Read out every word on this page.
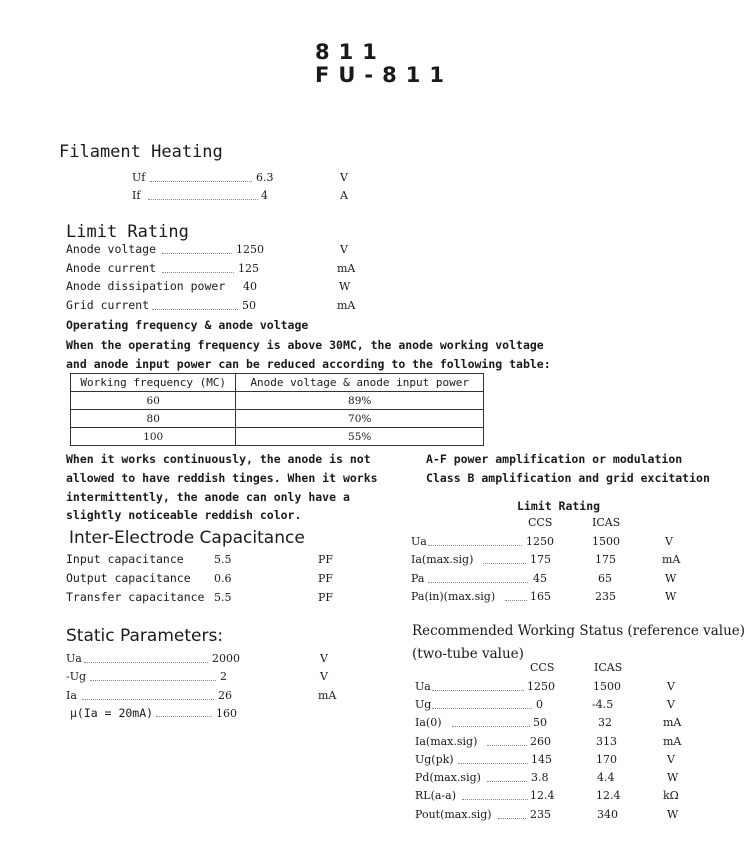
811
FU-811
Filament Heating
Uf	6.3	V
If	4	A
Limit Rating
Anode voltage	1250	V
Anode current	125	mA
Anode dissipation power 40	W
Grid current	50	mA
Operating frequency & anode voltage
When the operating frequency is above 30MC, the anode working voltage
and anode input power can be reduced according to the following table:
Working frequency (MC)	Anode voltage & anode input power
60	89%
80	70%
100	55%
When it works continuously, the anode is not
allowed to have reddish tinges. When it works
intermittently, the anode can only have a
slightly noticeable reddish color.
A-F power amplification or modulation
Class B amplification and grid excitation
Limit Rating
CCS	ICAS
Ua	1250	1500	V
Ia(max.sig)	175	175	mA
Pa	45	65	W
Pa(in)(max.sig)	165	235	W
Inter-Electrode Capacitance
Input capacitance	5.5	PF
Output capacitance 0.6	PF
Transfer capacitance 5.5	PF
Static Parameters:
Ua	2000	V
-Ug	2	V
Ia	26	mA
μ(Ia = 20mA)	160
Recommended Working Status (reference value)
(two-tube value)
CCS	ICAS
Ua	1250	1500	V
Ug	0	-4.5	V
Ia(0)	50	32	mA
Ia(max.sig)	260	313	mA
Ug(pk)	145	170	V
Pd(max.sig)	3.8	4.4	W
RL(a-a)	12.4	12.4	kΩ
Pout(max.sig)	235	340	W
